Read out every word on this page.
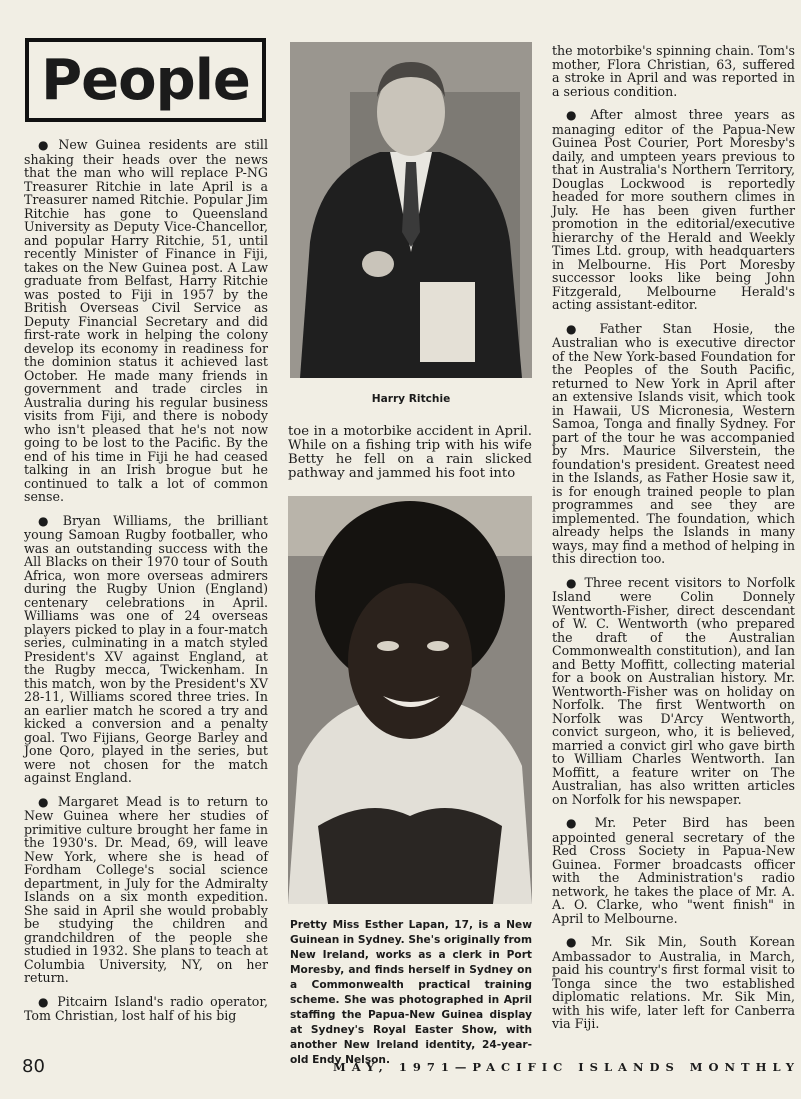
People

● New Guinea residents are still shaking their heads over the news that the man who will replace P-NG Treasurer Ritchie in late April is a Treasurer named Ritchie. Popular Jim Ritchie has gone to Queensland University as Deputy Vice-Chancellor, and popular Harry Ritchie, 51, until recently Minister of Finance in Fiji, takes on the New Guinea post. A Law graduate from Belfast, Harry Ritchie was posted to Fiji in 1957 by the British Overseas Civil Service as Deputy Financial Secretary and did first-rate work in helping the colony develop its economy in readiness for the dominion status it achieved last October. He made many friends in government and trade circles in Australia during his regular business visits from Fiji, and there is nobody who isn't pleased that he's not now going to be lost to the Pacific. By the end of his time in Fiji he had ceased talking in an Irish brogue but he continued to talk a lot of common sense.

● Bryan Williams, the brilliant young Samoan Rugby footballer, who was an outstanding success with the All Blacks on their 1970 tour of South Africa, won more overseas admirers during the Rugby Union (England) centenary celebrations in April. Williams was one of 24 overseas players picked to play in a four-match series, culminating in a match styled President's XV against England, at the Rugby mecca, Twickenham. In this match, won by the President's XV 28-11, Williams scored three tries. In an earlier match he scored a try and kicked a conversion and a penalty goal. Two Fijians, George Barley and Jone Qoro, played in the series, but were not chosen for the match against England.

● Margaret Mead is to return to New Guinea where her studies of primitive culture brought her fame in the 1930's. Dr. Mead, 69, will leave New York, where she is head of Fordham College's social science department, in July for the Admiralty Islands on a six month expedition. She said in April she would probably be studying the children and grandchildren of the people she studied in 1932. She plans to teach at Columbia University, NY, on her return.

● Pitcairn Island's radio operator, Tom Christian, lost half of his big

Harry Ritchie

toe in a motorbike accident in April. While on a fishing trip with his wife Betty he fell on a rain slicked pathway and jammed his foot into

Pretty Miss Esther Lapan, 17, is a New Guinean in Sydney. She's originally from New Ireland, works as a clerk in Port Moresby, and finds herself in Sydney on a Commonwealth practical training scheme. She was photographed in April staffing the Papua-New Guinea display at Sydney's Royal Easter Show, with another New Ireland identity, 24-year-old Endy Nelson.

the motorbike's spinning chain. Tom's mother, Flora Christian, 63, suffered a stroke in April and was reported in a serious condition.

● After almost three years as managing editor of the Papua-New Guinea Post Courier, Port Moresby's daily, and umpteen years previous to that in Australia's Northern Territory, Douglas Lockwood is reportedly headed for more southern climes in July. He has been given further promotion in the editorial/executive hierarchy of the Herald and Weekly Times Ltd. group, with headquarters in Melbourne. His Port Moresby successor looks like being John Fitzgerald, Melbourne Herald's acting assistant-editor.

● Father Stan Hosie, the Australian who is executive director of the New York-based Foundation for the Peoples of the South Pacific, returned to New York in April after an extensive Islands visit, which took in Hawaii, US Micronesia, Western Samoa, Tonga and finally Sydney. For part of the tour he was accompanied by Mrs. Maurice Silverstein, the foundation's president. Greatest need in the Islands, as Father Hosie saw it, is for enough trained people to plan programmes and see they are implemented. The foundation, which already helps the Islands in many ways, may find a method of helping in this direction too.

● Three recent visitors to Norfolk Island were Colin Donnely Wentworth-Fisher, direct descendant of W. C. Wentworth (who prepared the draft of the Australian Commonwealth constitution), and Ian and Betty Moffitt, collecting material for a book on Australian history. Mr. Wentworth-Fisher was on holiday on Norfolk. The first Wentworth on Norfolk was D'Arcy Wentworth, convict surgeon, who, it is believed, married a convict girl who gave birth to William Charles Wentworth. Ian Moffitt, a feature writer on The Australian, has also written articles on Norfolk for his newspaper.

● Mr. Peter Bird has been appointed general secretary of the Red Cross Society in Papua-New Guinea. Former broadcasts officer with the Administration's radio network, he takes the place of Mr. A. A. O. Clarke, who "went finish" in April to Melbourne.

● Mr. Sik Min, South Korean Ambassador to Australia, in March, paid his country's first formal visit to Tonga since the two established diplomatic relations. Mr. Sik Min, with his wife, later left for Canberra via Fiji.

80	MAY, 1971—PACIFIC ISLANDS MONTHLY
